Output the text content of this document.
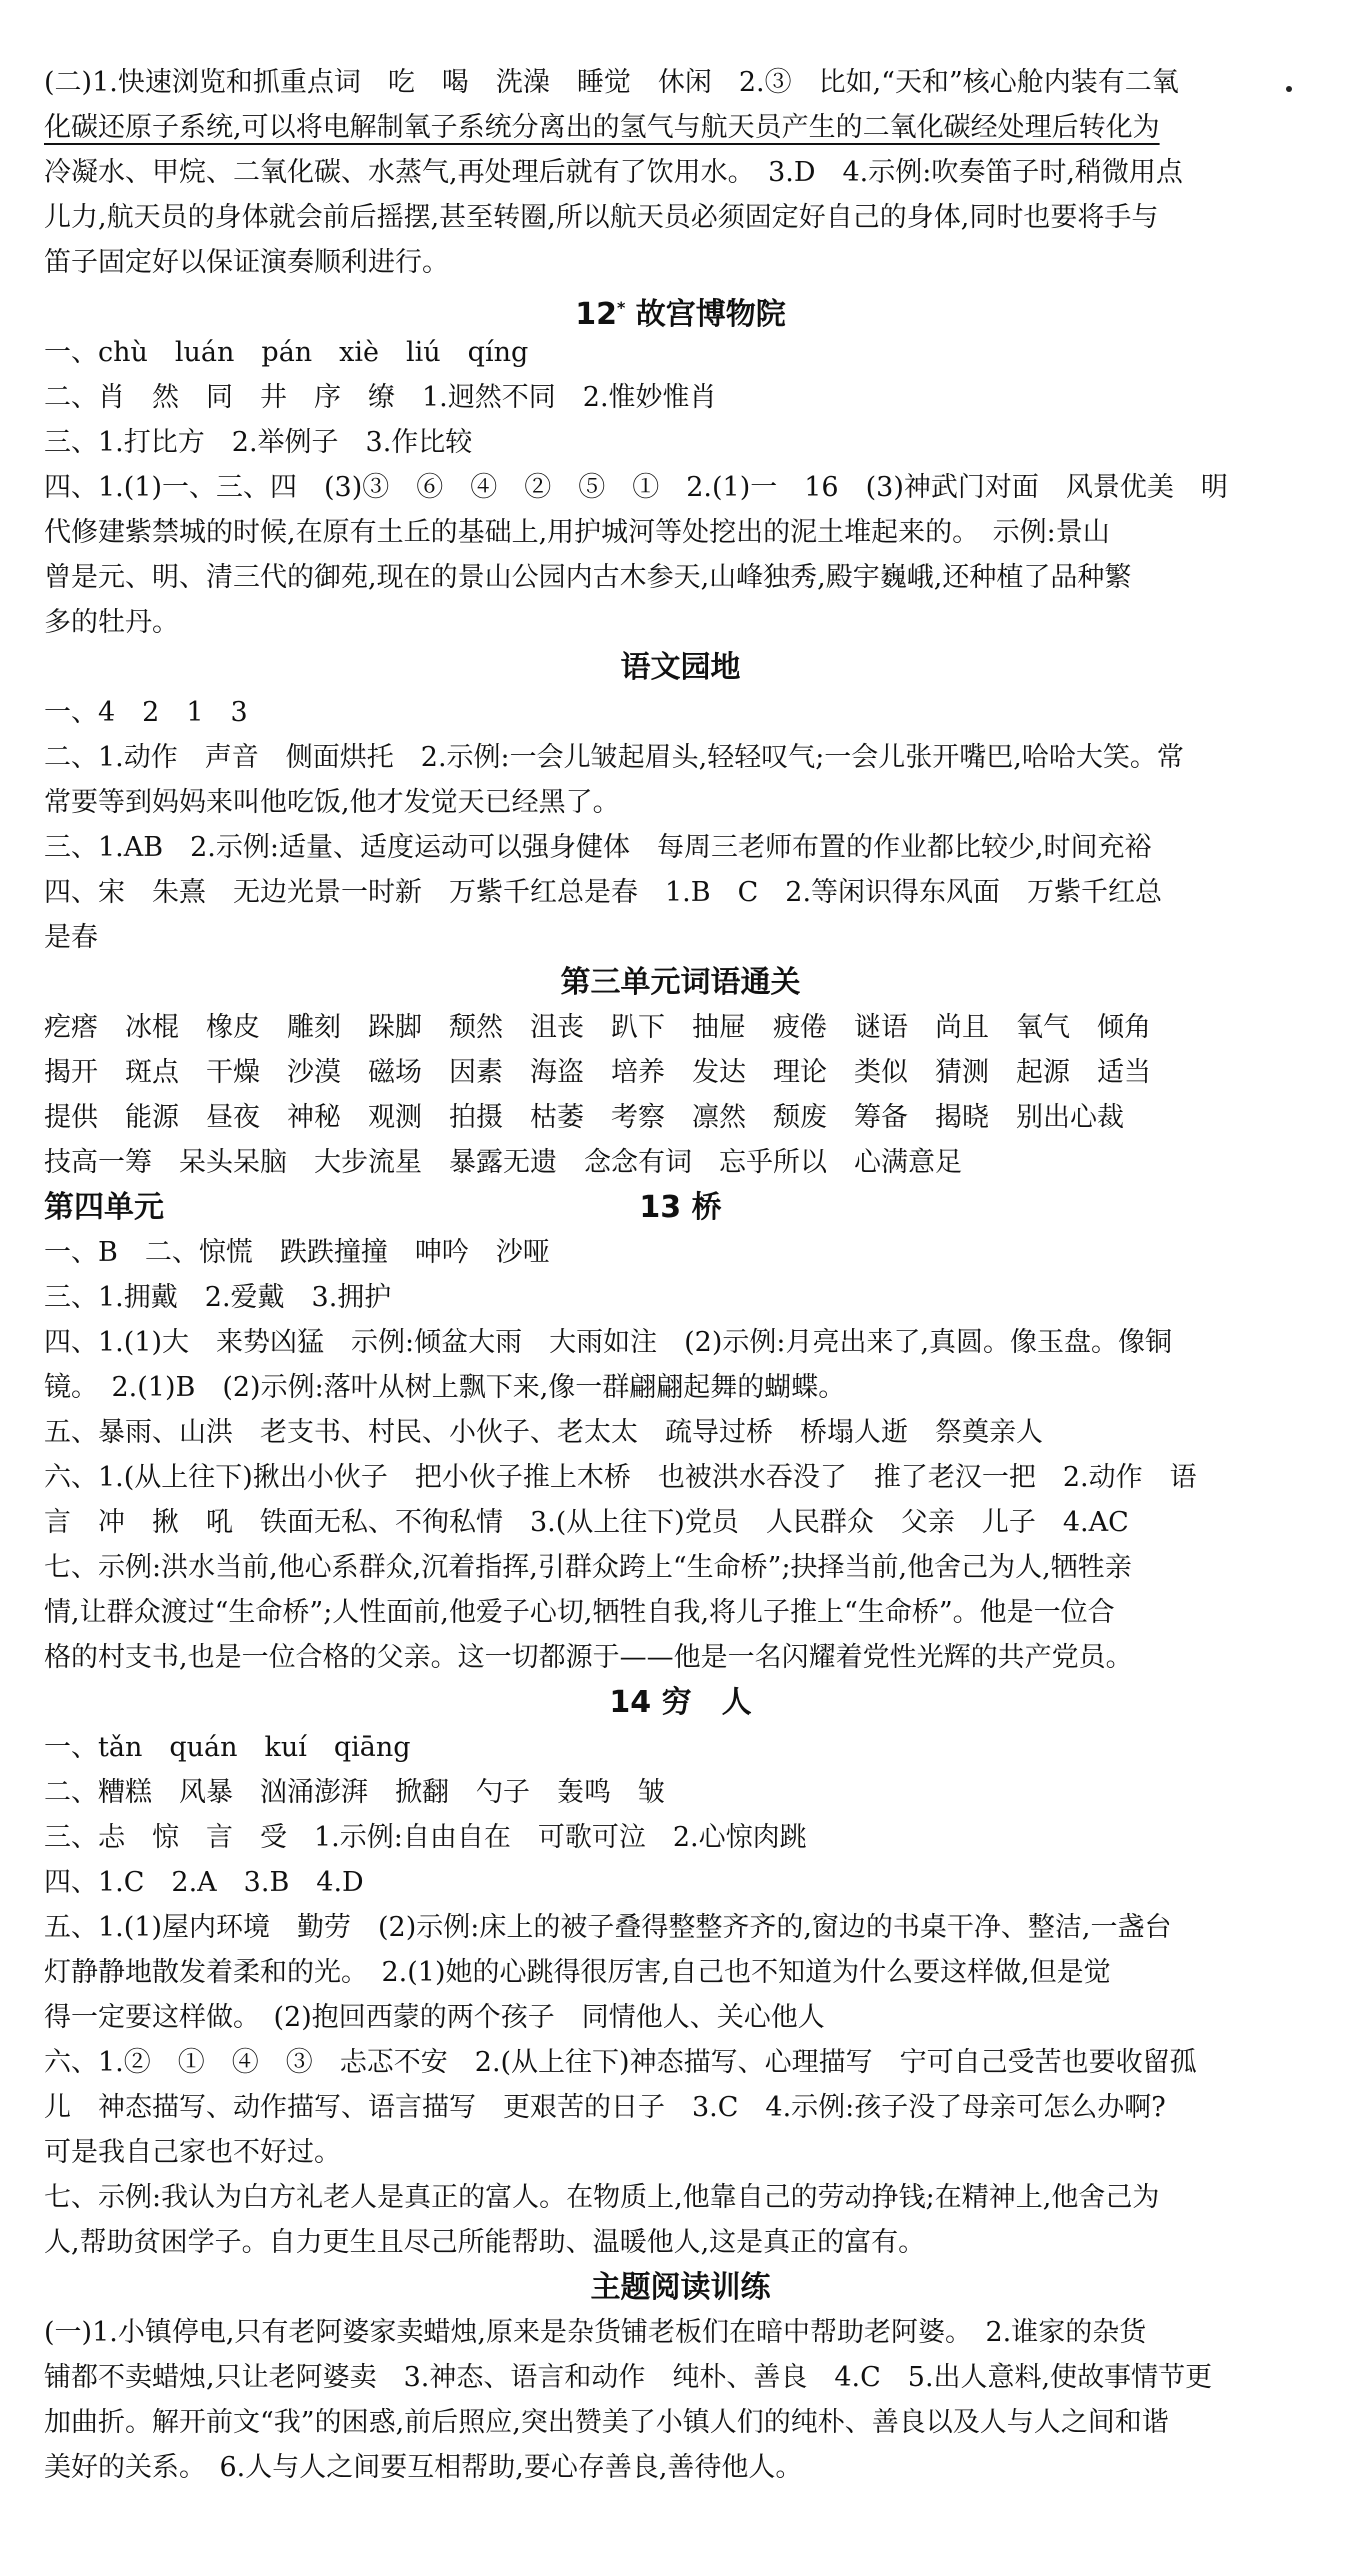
(二)1.快速浏览和抓重点词　吃　喝　洗澡　睡觉　休闲　2.③　比如,“天和”核心舱内装有二氧
化碳还原子系统,可以将电解制氧子系统分离出的氢气与航天员产生的二氧化碳经处理后转化为
冷凝水、甲烷、二氧化碳、水蒸气,再处理后就有了饮用水。　3.D　4.示例:吹奏笛子时,稍微用点
儿力,航天员的身体就会前后摇摆,甚至转圈,所以航天员必须固定好自己的身体,同时也要将手与
笛子固定好以保证演奏顺利进行。
12* 故宫博物院
一、chù　luán　pán　xiè　liú　qíng
二、肖　然　同　井　序　缭　1.迥然不同　2.惟妙惟肖
三、1.打比方　2.举例子　3.作比较
四、1.(1)一、三、四　(3)③　⑥　④　②　⑤　①　2.(1)一　16　(3)神武门对面　风景优美　明
代修建紫禁城的时候,在原有土丘的基础上,用护城河等处挖出的泥土堆起来的。　示例:景山
曾是元、明、清三代的御苑,现在的景山公园内古木参天,山峰独秀,殿宇巍峨,还种植了品种繁
多的牡丹。
语文园地
一、4　2　1　3
二、1.动作　声音　侧面烘托　2.示例:一会儿皱起眉头,轻轻叹气;一会儿张开嘴巴,哈哈大笑。常
常要等到妈妈来叫他吃饭,他才发觉天已经黑了。
三、1.AB　2.示例:适量、适度运动可以强身健体　每周三老师布置的作业都比较少,时间充裕
四、宋　朱熹　无边光景一时新　万紫千红总是春　1.B　C　2.等闲识得东风面　万紫千红总
是春
第三单元词语通关
疙瘩　冰棍　橡皮　雕刻　跺脚　颓然　沮丧　趴下　抽屉　疲倦　谜语　尚且　氧气　倾角
揭开　斑点　干燥　沙漠　磁场　因素　海盗　培养　发达　理论　类似　猜测　起源　适当
提供　能源　昼夜　神秘　观测　拍摄　枯萎　考察　凛然　颓废　筹备　揭晓　别出心裁
技高一筹　呆头呆脑　大步流星　暴露无遗　念念有词　忘乎所以　心满意足
第四单元	13 桥
一、B　二、惊慌　跌跌撞撞　呻吟　沙哑
三、1.拥戴　2.爱戴　3.拥护
四、1.(1)大　来势凶猛　示例:倾盆大雨　大雨如注　(2)示例:月亮出来了,真圆。像玉盘。像铜
镜。　2.(1)B　(2)示例:落叶从树上飘下来,像一群翩翩起舞的蝴蝶。
五、暴雨、山洪　老支书、村民、小伙子、老太太　疏导过桥　桥塌人逝　祭奠亲人
六、1.(从上往下)揪出小伙子　把小伙子推上木桥　也被洪水吞没了　推了老汉一把　2.动作　语
言　冲　揪　吼　铁面无私、不徇私情　3.(从上往下)党员　人民群众　父亲　儿子　4.AC
七、示例:洪水当前,他心系群众,沉着指挥,引群众跨上“生命桥”;抉择当前,他舍己为人,牺牲亲
情,让群众渡过“生命桥”;人性面前,他爱子心切,牺牲自我,将儿子推上“生命桥”。他是一位合
格的村支书,也是一位合格的父亲。这一切都源于——他是一名闪耀着党性光辉的共产党员。
14 穷　人
一、tǎn　quán　kuí　qiāng
二、糟糕　风暴　汹涌澎湃　掀翻　勺子　轰鸣　皱
三、忐　惊　言　受　1.示例:自由自在　可歌可泣　2.心惊肉跳
四、1.C　2.A　3.B　4.D
五、1.(1)屋内环境　勤劳　(2)示例:床上的被子叠得整整齐齐的,窗边的书桌干净、整洁,一盏台
灯静静地散发着柔和的光。　2.(1)她的心跳得很厉害,自己也不知道为什么要这样做,但是觉
得一定要这样做。　(2)抱回西蒙的两个孩子　同情他人、关心他人
六、1.②　①　④　③　忐忑不安　2.(从上往下)神态描写、心理描写　宁可自己受苦也要收留孤
儿　神态描写、动作描写、语言描写　更艰苦的日子　3.C　4.示例:孩子没了母亲可怎么办啊?
可是我自己家也不好过。
七、示例:我认为白方礼老人是真正的富人。在物质上,他靠自己的劳动挣钱;在精神上,他舍己为
人,帮助贫困学子。自力更生且尽己所能帮助、温暖他人,这是真正的富有。
主题阅读训练
(一)1.小镇停电,只有老阿婆家卖蜡烛,原来是杂货铺老板们在暗中帮助老阿婆。　2.谁家的杂货
铺都不卖蜡烛,只让老阿婆卖　3.神态、语言和动作　纯朴、善良　4.C　5.出人意料,使故事情节更
加曲折。解开前文“我”的困惑,前后照应,突出赞美了小镇人们的纯朴、善良以及人与人之间和谐
美好的关系。　6.人与人之间要互相帮助,要心存善良,善待他人。
